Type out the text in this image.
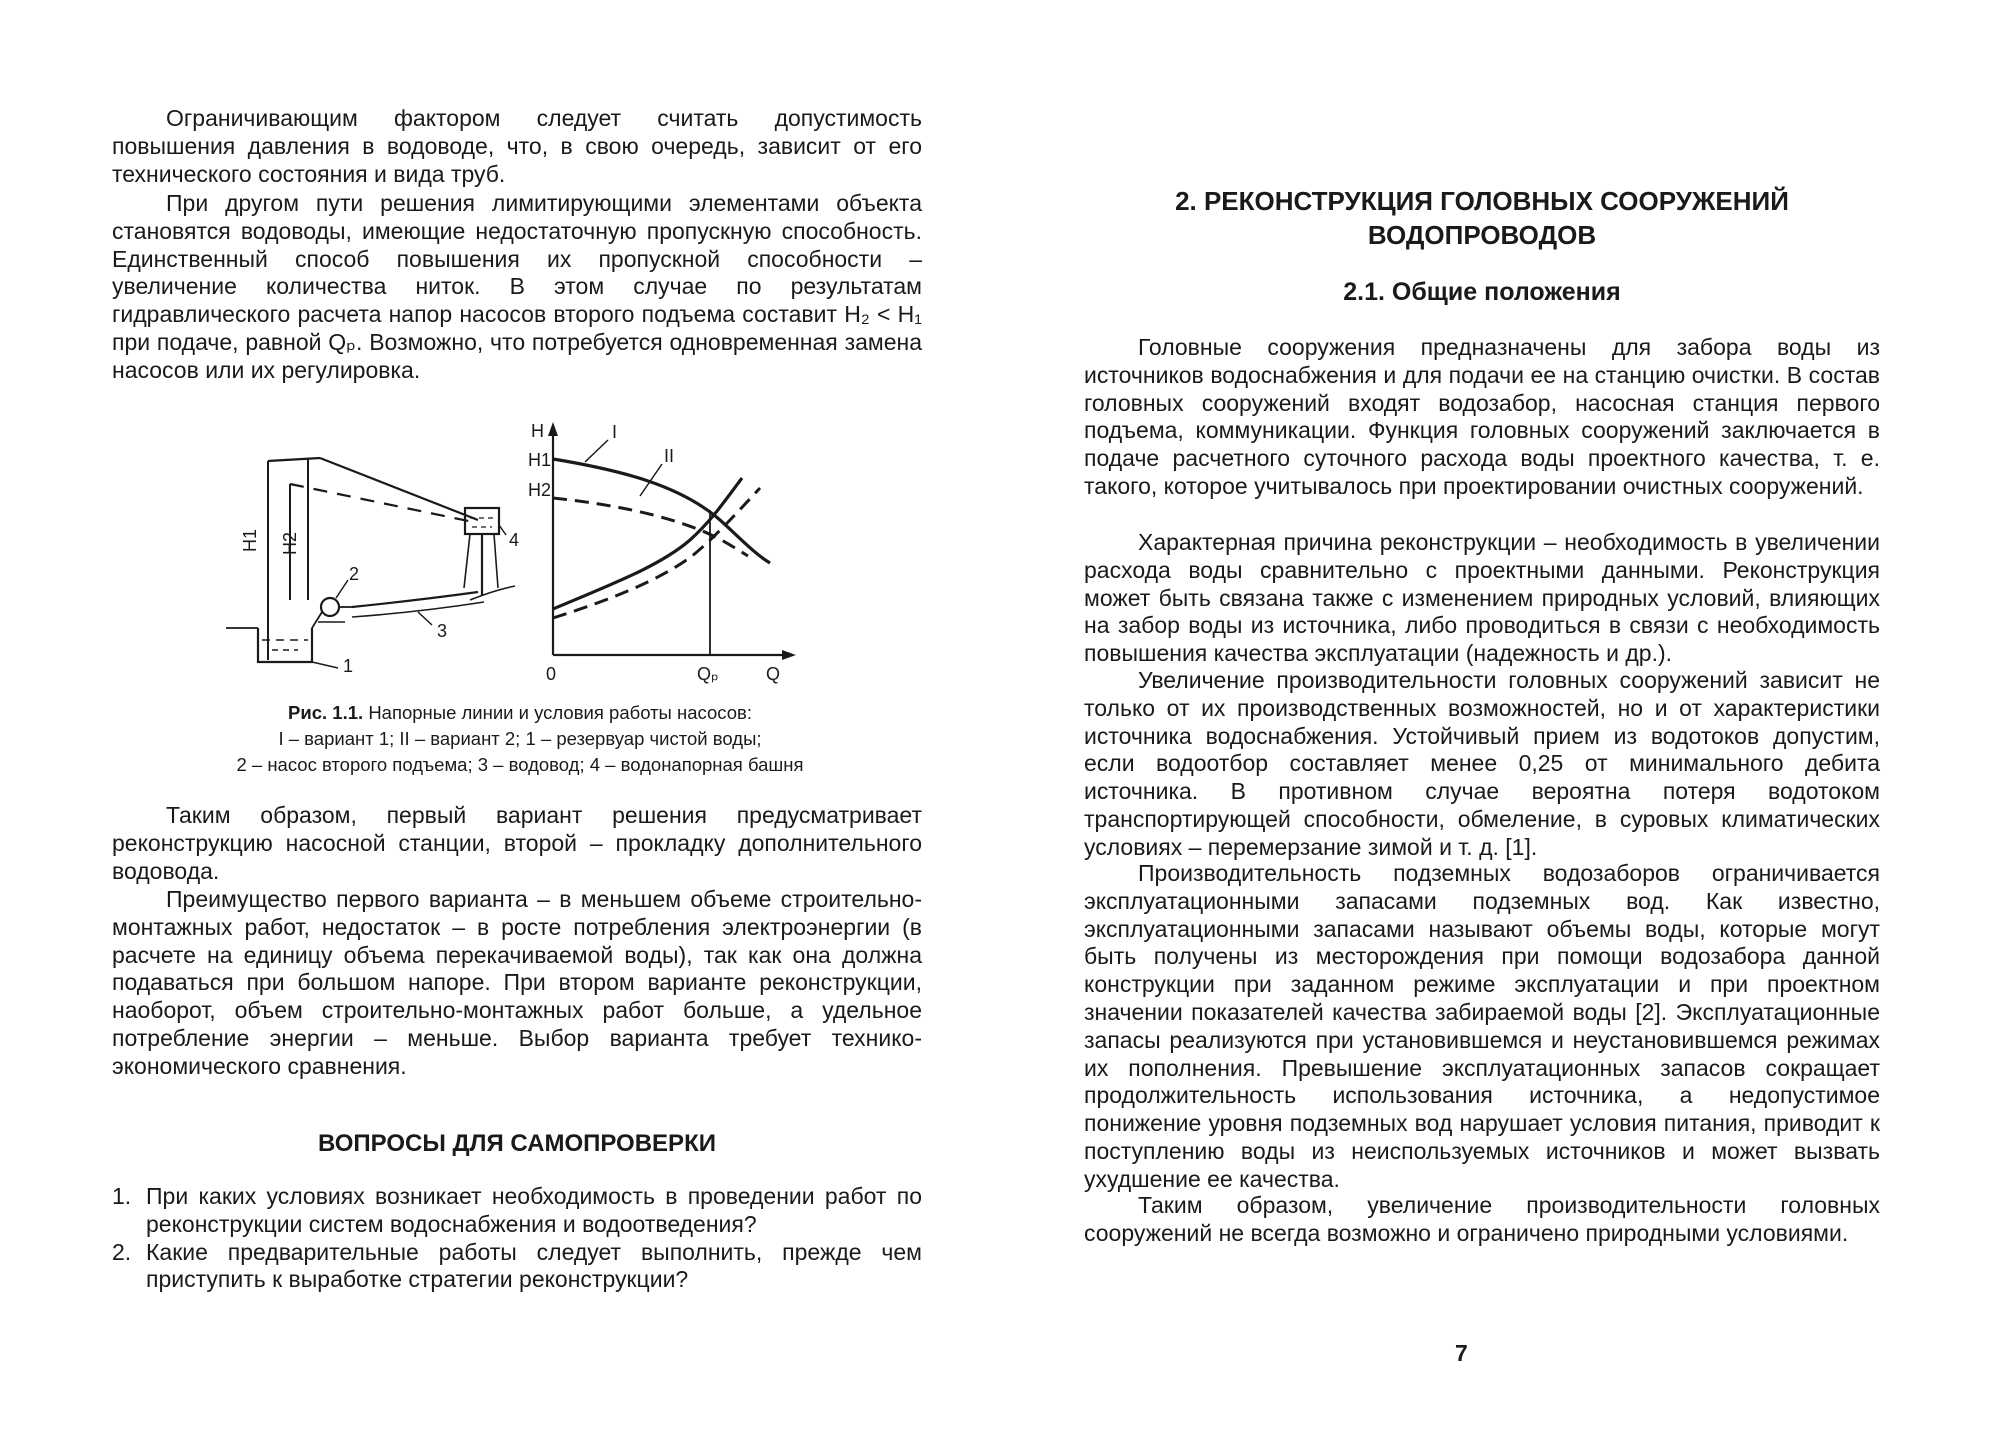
Ограничивающим фактором следует считать допустимость повышения давления в водоводе, что, в свою очередь, зависит от его технического состояния и вида труб.

При другом пути решения лимитирующими элементами объекта становятся водоводы, имеющие недостаточную пропускную способность. Единственный способ повышения их пропускной способности – увеличение количества ниток. В этом случае по результатам гидравлического расчета напор насосов второго подъема составит H₂ < H₁ при подаче, равной Qₚ. Возможно, что потребуется одновременная замена насосов или их регулировка.

H1 H2
2
1
3
4
H
H1
H2
I
II
0	Qₚ	Q
Рис. 1.1. Напорные линии и условия работы насосов:
I – вариант 1; II – вариант 2; 1 – резервуар чистой воды;
2 – насос второго подъема; 3 – водовод; 4 – водонапорная башня

Таким образом, первый вариант решения предусматривает реконструкцию насосной станции, второй – прокладку дополнительного водовода.

Преимущество первого варианта – в меньшем объеме строительно-монтажных работ, недостаток – в росте потребления электроэнергии (в расчете на единицу объема перекачиваемой воды), так как она должна подаваться при большом напоре. При втором варианте реконструкции, наоборот, объем строительно-монтажных работ больше, а удельное потребление энергии – меньше. Выбор варианта требует технико-экономического сравнения.

ВОПРОСЫ ДЛЯ САМОПРОВЕРКИ
1. При каких условиях возникает необходимость в проведении работ по реконструкции систем водоснабжения и водоотведения?
2. Какие предварительные работы следует выполнить, прежде чем приступить к выработке стратегии реконструкции?
2. РЕКОНСТРУКЦИЯ ГОЛОВНЫХ СООРУЖЕНИЙ
ВОДОПРОВОДОВ
2.1. Общие положения

Головные сооружения предназначены для забора воды из источников водоснабжения и для подачи ее на станцию очистки. В состав головных сооружений входят водозабор, насосная станция первого подъема, коммуникации. Функция головных сооружений заключается в подаче расчетного суточного расхода воды проектного качества, т. е. такого, которое учитывалось при проектировании очистных сооружений.

Характерная причина реконструкции – необходимость в увеличении расхода воды сравнительно с проектными данными. Реконструкция может быть связана также с изменением природных условий, влияющих на забор воды из источника, либо проводиться в связи с необходимость повышения качества эксплуатации (надежность и др.).

Увеличение производительности головных сооружений зависит не только от их производственных возможностей, но и от характеристики источника водоснабжения. Устойчивый прием из водотоков допустим, если водоотбор составляет менее 0,25 от минимального дебита источника. В противном случае вероятна потеря водотоком транспортирующей способности, обмеление, в суровых климатических условиях – перемерзание зимой и т. д. [1].

Производительность подземных водозаборов ограничивается эксплуатационными запасами подземных вод. Как известно, эксплуатационными запасами называют объемы воды, которые могут быть получены из месторождения при помощи водозабора данной конструкции при заданном режиме эксплуатации и при проектном значении показателей качества забираемой воды [2]. Эксплуатационные запасы реализуются при установившемся и неустановившемся режимах их пополнения. Превышение эксплуатационных запасов сокращает продолжительность использования источника, а недопустимое понижение уровня подземных вод нарушает условия питания, приводит к поступлению воды из неиспользуемых источников и может вызвать ухудшение ее качества.

Таким образом, увеличение производительности головных сооружений не всегда возможно и ограничено природными условиями.

7
